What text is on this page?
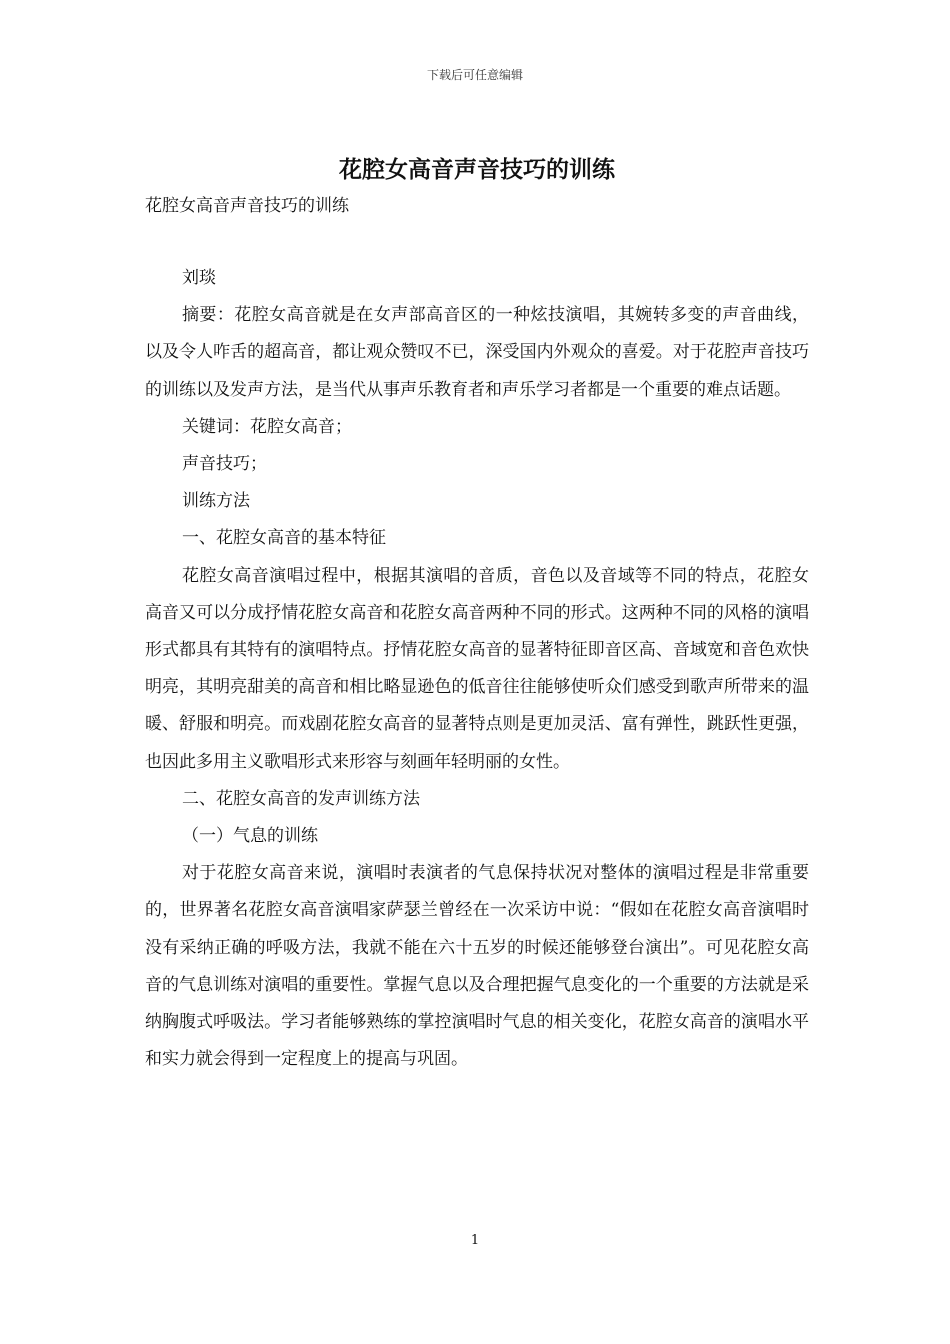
下载后可任意编辑
花腔女高音声音技巧的训练

花腔女高音声音技巧的训练

刘琰

摘要：花腔女高音就是在女声部高音区的一种炫技演唱，其婉转多变的声音曲线，以及令人咋舌的超高音，都让观众赞叹不已，深受国内外观众的喜爱。对于花腔声音技巧的训练以及发声方法，是当代从事声乐教育者和声乐学习者都是一个重要的难点话题。

关键词：花腔女高音；

声音技巧；

训练方法

一、花腔女高音的基本特征

花腔女高音演唱过程中，根据其演唱的音质，音色以及音域等不同的特点，花腔女高音又可以分成抒情花腔女高音和花腔女高音两种不同的形式。这两种不同的风格的演唱形式都具有其特有的演唱特点。抒情花腔女高音的显著特征即音区高、音域宽和音色欢快明亮，其明亮甜美的高音和相比略显逊色的低音往往能够使听众们感受到歌声所带来的温暖、舒服和明亮。而戏剧花腔女高音的显著特点则是更加灵活、富有弹性，跳跃性更强，也因此多用主义歌唱形式来形容与刻画年轻明丽的女性。

二、花腔女高音的发声训练方法

（一）气息的训练

对于花腔女高音来说，演唱时表演者的气息保持状况对整体的演唱过程是非常重要的，世界著名花腔女高音演唱家萨瑟兰曾经在一次采访中说：“假如在花腔女高音演唱时没有采纳正确的呼吸方法，我就不能在六十五岁的时候还能够登台演出”。可见花腔女高音的气息训练对演唱的重要性。掌握气息以及合理把握气息变化的一个重要的方法就是采纳胸腹式呼吸法。学习者能够熟练的掌控演唱时气息的相关变化，花腔女高音的演唱水平和实力就会得到一定程度上的提高与巩固。

1
